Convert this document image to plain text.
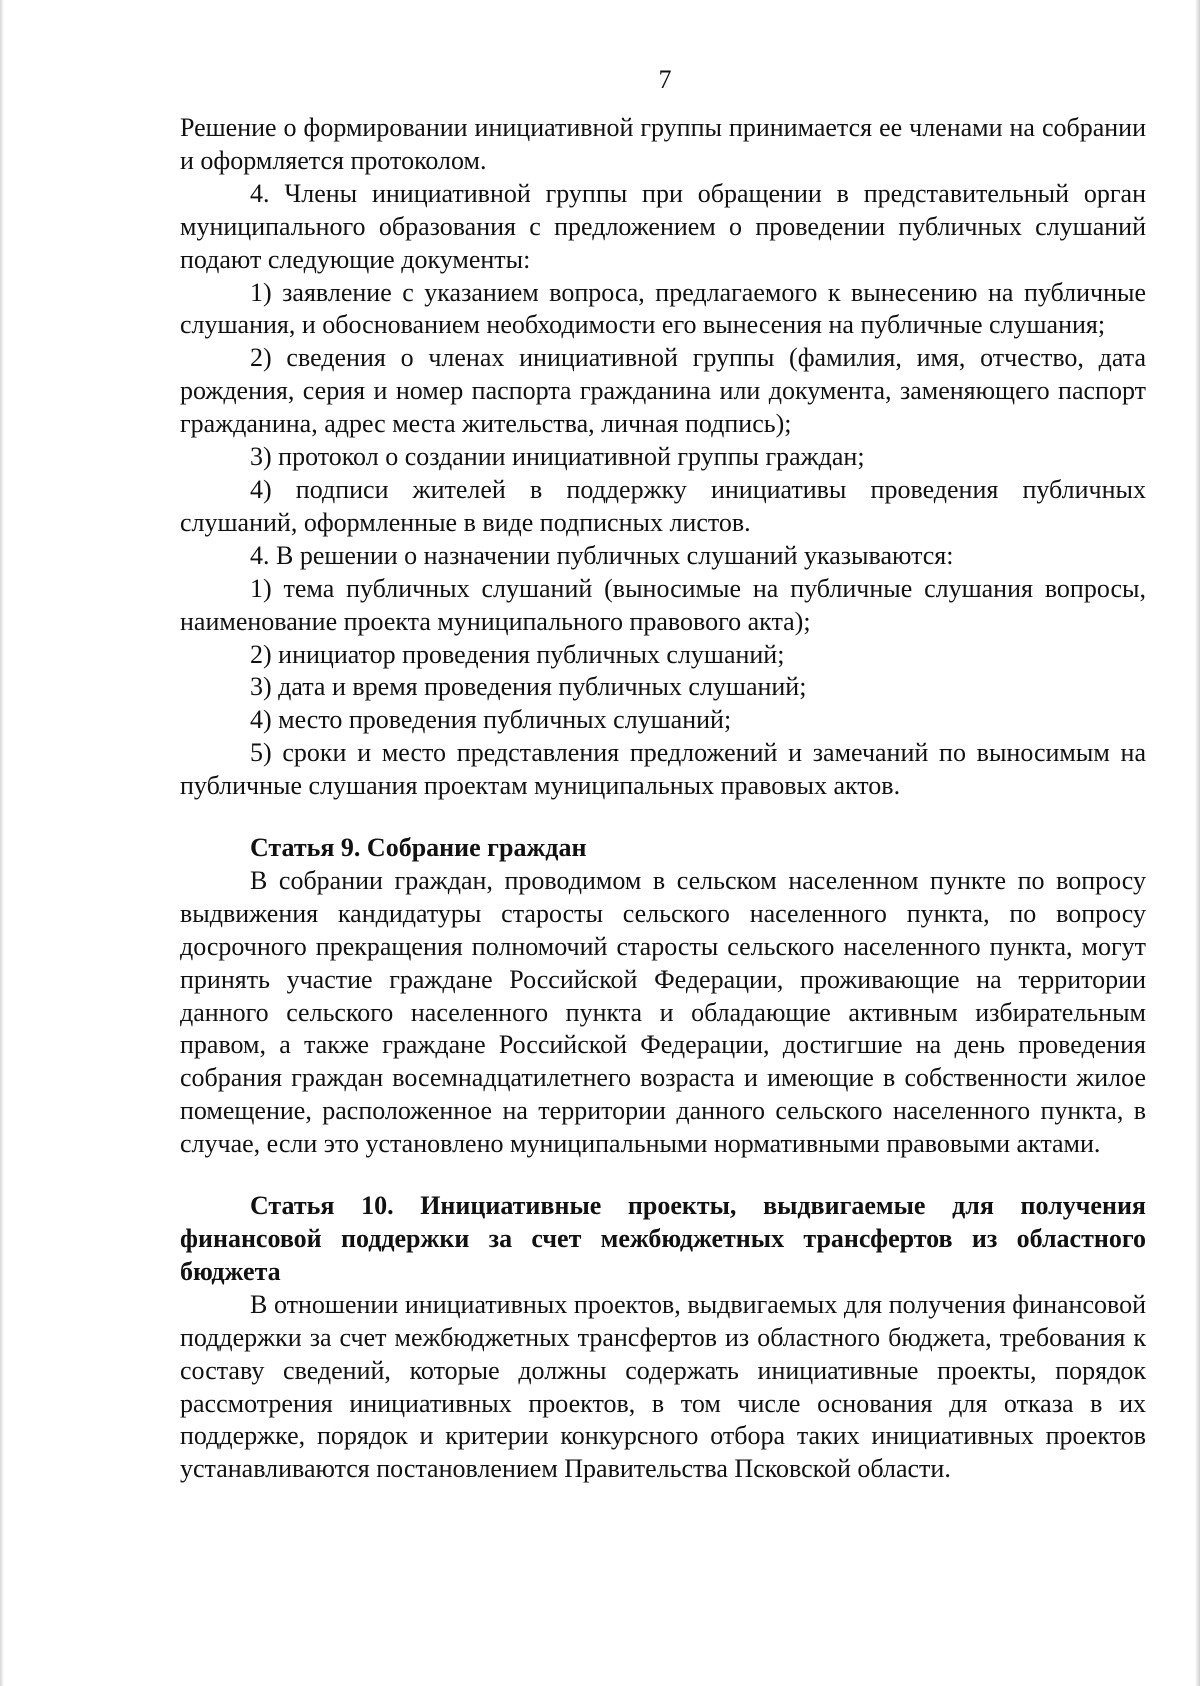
7

Решение о формировании инициативной группы принимается ее членами на собрании и оформляется протоколом.

4. Члены инициативной группы при обращении в представительный орган муниципального образования с предложением о проведении публичных слушаний подают следующие документы:

1) заявление с указанием вопроса, предлагаемого к вынесению на публичные слушания, и обоснованием необходимости его вынесения на публичные слушания;

2) сведения о членах инициативной группы (фамилия, имя, отчество, дата рождения, серия и номер паспорта гражданина или документа, заменяющего паспорт гражданина, адрес места жительства, личная подпись);

3) протокол о создании инициативной группы граждан;

4) подписи жителей в поддержку инициативы проведения публичных слушаний, оформленные в виде подписных листов.

4. В решении о назначении публичных слушаний указываются:

1) тема публичных слушаний (выносимые на публичные слушания вопросы, наименование проекта муниципального правового акта);

2) инициатор проведения публичных слушаний;

3) дата и время проведения публичных слушаний;

4) место проведения публичных слушаний;

5) сроки и место представления предложений и замечаний по выносимым на публичные слушания проектам муниципальных правовых актов.

Статья 9. Собрание граждан

В собрании граждан, проводимом в сельском населенном пункте по вопросу выдвижения кандидатуры старосты сельского населенного пункта, по вопросу досрочного прекращения полномочий старосты сельского населенного пункта, могут принять участие граждане Российской Федерации, проживающие на территории данного сельского населенного пункта и обладающие активным избирательным правом, а также граждане Российской Федерации, достигшие на день проведения собрания граждан восемнадцатилетнего возраста и имеющие в собственности жилое помещение, расположенное на территории данного сельского населенного пункта, в случае, если это установлено муниципальными нормативными правовыми актами.

Статья 10. Инициативные проекты, выдвигаемые для получения финансовой поддержки за счет межбюджетных трансфертов из областного бюджета

В отношении инициативных проектов, выдвигаемых для получения финансовой поддержки за счет межбюджетных трансфертов из областного бюджета, требования к составу сведений, которые должны содержать инициативные проекты, порядок рассмотрения инициативных проектов, в том числе основания для отказа в их поддержке, порядок и критерии конкурсного отбора таких инициативных проектов устанавливаются постановлением Правительства Псковской области.
